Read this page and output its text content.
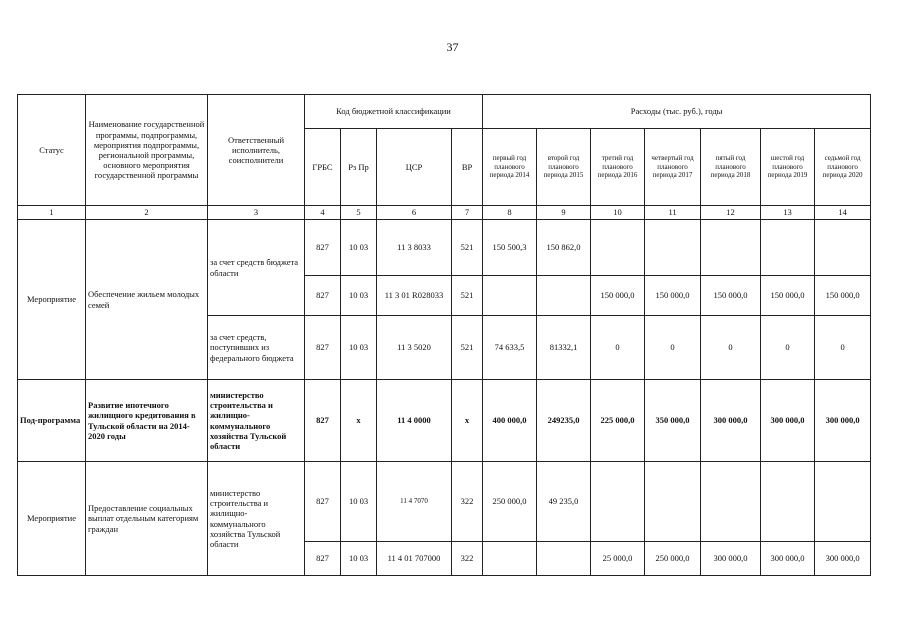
37
Статус	Наименование государственной программы, подпрограммы, мероприятия подпрограммы, региональной программы, основного мероприятия государственной программы	Ответственный исполнитель, соисполнители	Код бюджетной классификации				Расходы (тыс. руб.), годы						
			ГРБС	Рз Пр	ЦСР	ВР	первый год планового периода 2014	второй год планового периода 2015	третий год планового периода 2016	четвертый год планового периода 2017	пятый год планового периода 2018	шестой год планового периода 2019	седьмой год планового периода 2020
1	2	3	4	5	6	7	8	9	10	11	12	13	14
Мероприятие	Обеспечение жильем молодых семей	за счет средств бюджета области	827	10 03	11 3 8033	521	150 500,3	150 862,0					
			827	10 03	11 3 01 R028033	521			150 000,0	150 000,0	150 000,0	150 000,0	150 000,0
		за счет средств, поступивших из федерального бюджета	827	10 03	11 3 5020	521	74 633,5	81332,1	0	0	0	0	0
Под-программа	Развитие ипотечного жилищного кредитования в Тульской области на 2014-2020 годы	министерство строительства и жилищно-коммунального хозяйства Тульской области	827	х	11 4 0000	х	400 000,0	249235,0	225 000,0	350 000,0	300 000,0	300 000,0	300 000,0
Мероприятие	Предоставление социальных выплат отдельным категориям граждан	министерство строительства и жилищно-коммунального хозяйства Тульской области	827	10 03	11 4 7070	322	250 000,0	49 235,0					
			827	10 03	11 4 01 707000	322			25 000,0	250 000,0	300 000,0	300 000,0	300 000,0
